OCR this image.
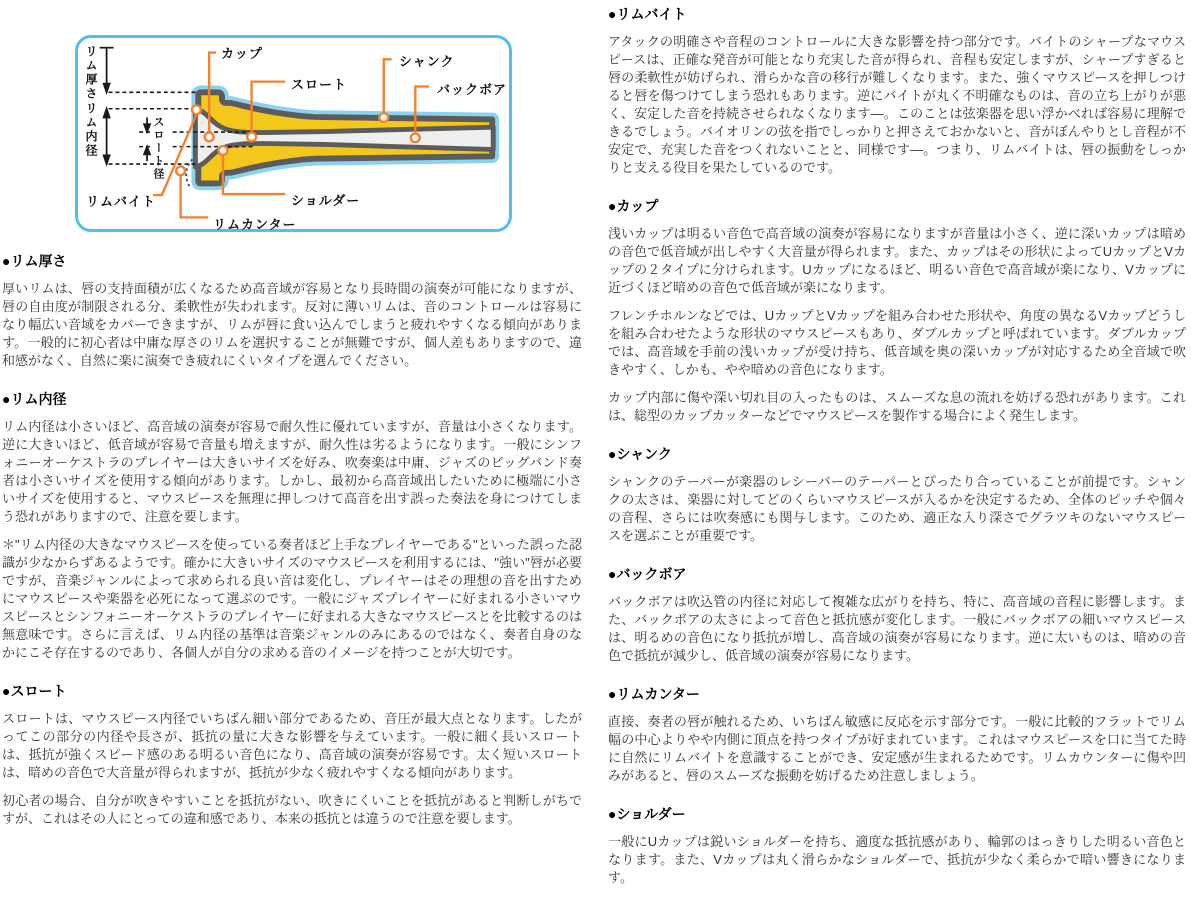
カップ
スロート
シャンク
バックボア
リムバイト	ショルダー
リムカンター
リム厚さ
リム内径	スロート径
●リム厚さ

厚いリムは、唇の支持面積が広くなるため高音域が容易となり長時間の演奏が可能になりますが、唇の自由度が制限される分、柔軟性が失われます。反対に薄いリムは、音のコントロールは容易になり幅広い音域をカバーできますが、リムが唇に食い込んでしまうと疲れやすくなる傾向があります。一般的に初心者は中庸な厚さのリムを選択することが無難ですが、個人差もありますので、違和感がなく、自然に楽に演奏でき疲れにくいタイプを選んでください。

●リム内径

リム内径は小さいほど、高音域の演奏が容易で耐久性に優れていますが、音量は小さくなります。逆に大きいほど、低音域が容易で音量も増えますが、耐久性は劣るようになります。一般にシンフォニーオーケストラのプレイヤーは大きいサイズを好み、吹奏楽は中庸、ジャズのビッグバンド奏者は小さいサイズを使用する傾向があります。しかし、最初から高音域出したいために極端に小さいサイズを使用すると、マウスピースを無理に押しつけて高音を出す誤った奏法を身につけてしまう恐れがありますので、注意を要します。

＊"リム内径の大きなマウスピースを使っている奏者ほど上手なプレイヤーである"といった誤った認識が少なからずあるようです。確かに大きいサイズのマウスピースを利用するには、"強い"唇が必要ですが、音楽ジャンルによって求められる良い音は変化し、プレイヤーはその理想の音を出すためにマウスピースや楽器を必死になって選ぶのです。一般にジャズプレイヤーに好まれる小さいマウスピースとシンフォニーオーケストラのプレイヤーに好まれる大きなマウスピースとを比較するのは無意味です。さらに言えば、リム内径の基準は音楽ジャンルのみにあるのではなく、奏者自身のなかにこそ存在するのであり、各個人が自分の求める音のイメージを持つことが大切です。

●スロート

スロートは、マウスピース内径でいちばん細い部分であるため、音圧が最大点となります。したがってこの部分の内径や長さが、抵抗の量に大きな影響を与えています。一般に細く長いスロートは、抵抗が強くスピード感のある明るい音色になり、高音域の演奏が容易です。太く短いスロートは、暗めの音色で大音量が得られますが、抵抗が少なく疲れやすくなる傾向があります。

初心者の場合、自分が吹きやすいことを抵抗がない、吹きにくいことを抵抗があると判断しがちですが、これはその人にとっての違和感であり、本来の抵抗とは違うので注意を要します。

●リムバイト

アタックの明確さや音程のコントロールに大きな影響を持つ部分です。バイトのシャープなマウスピースは、正確な発音が可能となり充実した音が得られ、音程も安定しますが、シャープすぎると唇の柔軟性が妨げられ、滑らかな音の移行が難しくなります。また、強くマウスピースを押しつけると唇を傷つけてしまう恐れもあります。逆にバイトが丸く不明確なものは、音の立ち上がりが悪く、安定した音を持続させられなくなります―。このことは弦楽器を思い浮かべれば容易に理解できるでしょう。バイオリンの弦を指でしっかりと押さえておかないと、音がぼんやりとし音程が不安定で、充実した音をつくれないことと、同様です―。つまり、リムバイトは、唇の振動をしっかりと支える役目を果たしているのです。

●カップ

浅いカップは明るい音色で高音域の演奏が容易になりますが音量は小さく、逆に深いカップは暗めの音色で低音域が出しやすく大音量が得られます。また、カップはその形状によってUカップとVカップの２タイプに分けられます。Uカップになるほど、明るい音色で高音域が楽になり、Vカップに近づくほど暗めの音色で低音域が楽になります。

フレンチホルンなどでは、UカップとVカップを組み合わせた形状や、角度の異なるVカップどうしを組み合わせたような形状のマウスピースもあり、ダブルカップと呼ばれています。ダブルカップでは、高音域を手前の浅いカップが受け持ち、低音域を奥の深いカップが対応するため全音域で吹きやすく、しかも、やや暗めの音色になります。

カップ内部に傷や深い切れ目の入ったものは、スムーズな息の流れを妨げる恐れがあります。これは、総型のカップカッターなどでマウスピースを製作する場合によく発生します。

●シャンク

シャンクのテーパーが楽器のレシーバーのテーパーとぴったり合っていることが前提です。シャンクの太さは、楽器に対してどのくらいマウスピースが入るかを決定するため、全体のピッチや個々の音程、さらには吹奏感にも関与します。このため、適正な入り深さでグラツキのないマウスピースを選ぶことが重要です。

●バックボア

バックボアは吹込管の内径に対応して複雑な広がりを持ち、特に、高音域の音程に影響します。また、バックボアの太さによって音色と抵抗感が変化します。一般にバックボアの細いマウスピースは、明るめの音色になり抵抗が増し、高音域の演奏が容易になります。逆に太いものは、暗めの音色で抵抗が減少し、低音域の演奏が容易になります。

●リムカンター

直接、奏者の唇が触れるため、いちばん敏感に反応を示す部分です。一般に比較的フラットでリム幅の中心よりやや内側に頂点を持つタイプが好まれています。これはマウスピースを口に当てた時に自然にリムバイトを意識することができ、安定感が生まれるためです。リムカウンターに傷や凹みがあると、唇のスムーズな振動を妨げるため注意しましょう。

●ショルダー

一般にUカップは鋭いショルダーを持ち、適度な抵抗感があり、輪郭のはっきりした明るい音色となります。また、Vカップは丸く滑らかなショルダーで、抵抗が少なく柔らかで暗い響きになります。
